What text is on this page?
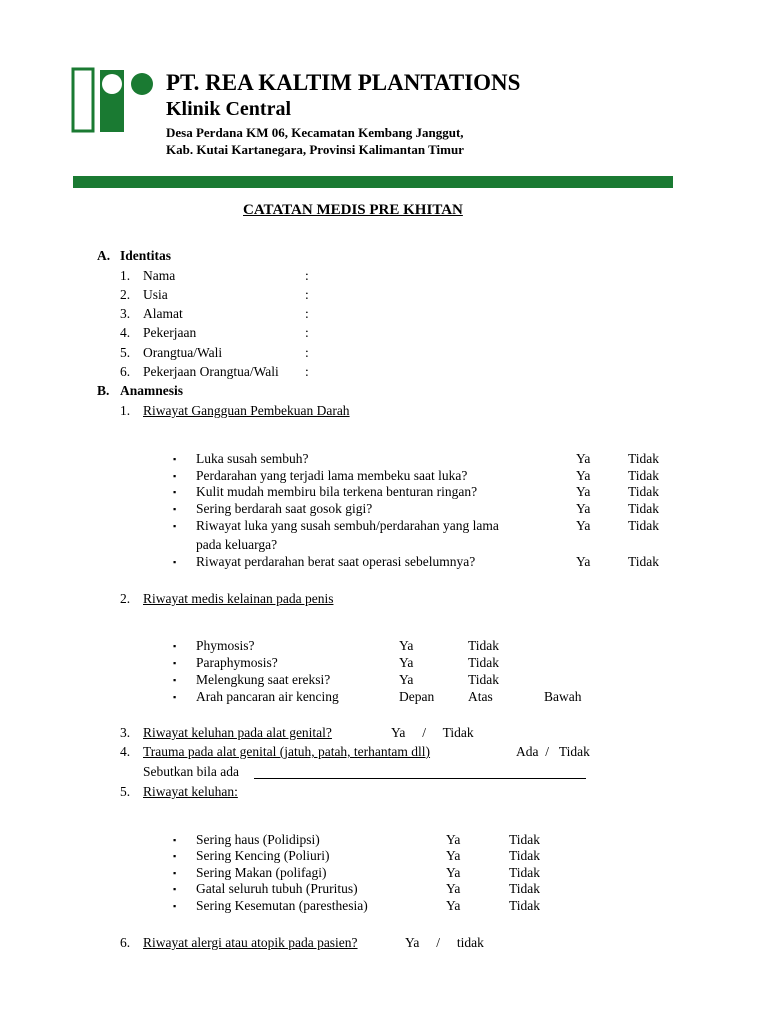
PT. REA KALTIM PLANTATIONS
Klinik Central
Desa Perdana KM 06, Kecamatan Kembang Janggut,
Kab. Kutai Kartanegara, Provinsi Kalimantan Timur
CATATAN MEDIS PRE KHITAN
A. Identitas
1. Nama	:
2. Usia	:
3. Alamat	:
4. Pekerjaan	:
5. Orangtua/Wali	:
6. Pekerjaan Orangtua/Wali :
B. Anamnesis
1. Riwayat Gangguan Pembekuan Darah
▪ Luka susah sembuh?	Ya	Tidak
▪ Perdarahan yang terjadi lama membeku saat luka?	Ya	Tidak
▪ Kulit mudah membiru bila terkena benturan ringan?	Ya	Tidak
▪ Sering berdarah saat gosok gigi?	Ya	Tidak
▪ Riwayat luka yang susah sembuh/perdarahan yang lama
pada keluarga?
Ya	Tidak
▪ Riwayat perdarahan berat saat operasi sebelumnya?	Ya	Tidak
2. Riwayat medis kelainan pada penis
▪ Phymosis?	Ya	Tidak
▪ Paraphymosis?	Ya	Tidak
▪ Melengkung saat ereksi?	Ya	Tidak
▪ Arah pancaran air kencing	Depan	Atas	Bawah
3. Riwayat keluhan pada alat genital?	Ya     /     Tidak
4. Trauma pada alat genital (jatuh, patah, terhantam dll)	Ada  /   Tidak
Sebutkan bila ada
5. Riwayat keluhan:
▪ Sering haus (Polidipsi)	Ya	Tidak
▪ Sering Kencing (Poliuri)	Ya	Tidak
▪ Sering Makan (polifagi)	Ya	Tidak
▪ Gatal seluruh tubuh (Pruritus)	Ya	Tidak
▪ Sering Kesemutan (paresthesia)	Ya	Tidak
6. Riwayat alergi atau atopik pada pasien?	Ya     /     tidak
